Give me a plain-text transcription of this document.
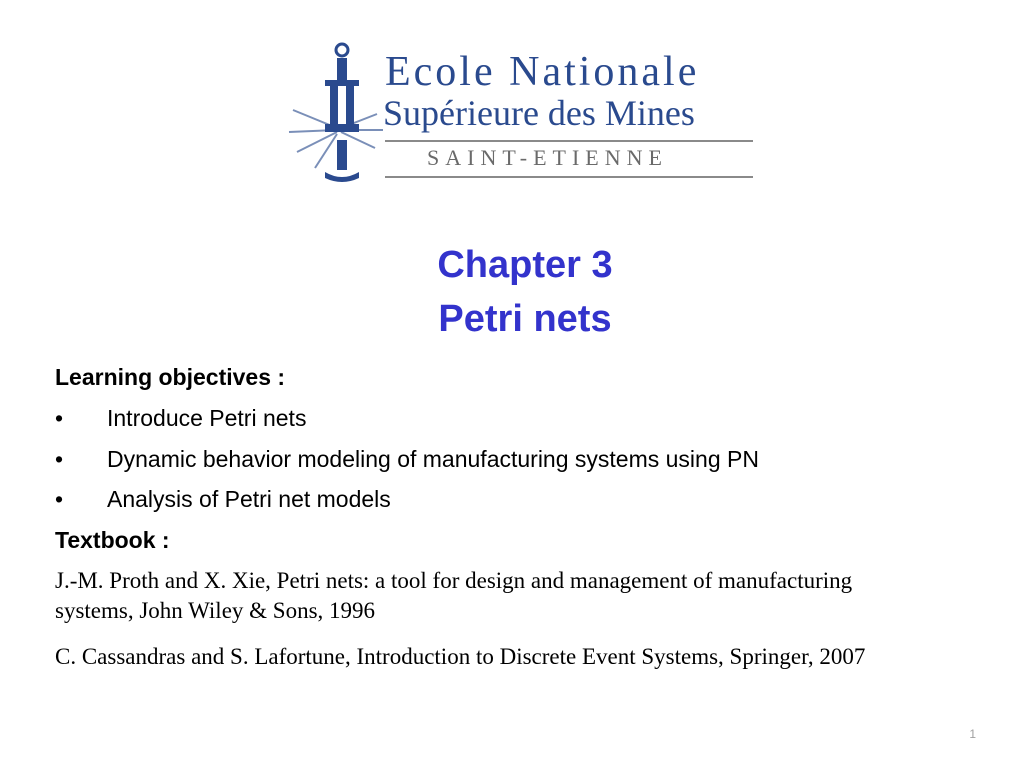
Ecole Nationale
Supérieure des Mines
SAINT-ETIENNE
Chapter 3
Petri nets
Learning objectives :
• Introduce Petri nets
• Dynamic behavior modeling of manufacturing systems using PN
• Analysis of Petri net models
Textbook :
J.-M. Proth and X. Xie, Petri nets: a tool for design and management of manufacturing systems, John Wiley & Sons, 1996
C. Cassandras and S. Lafortune, Introduction to Discrete Event Systems, Springer, 2007
1
